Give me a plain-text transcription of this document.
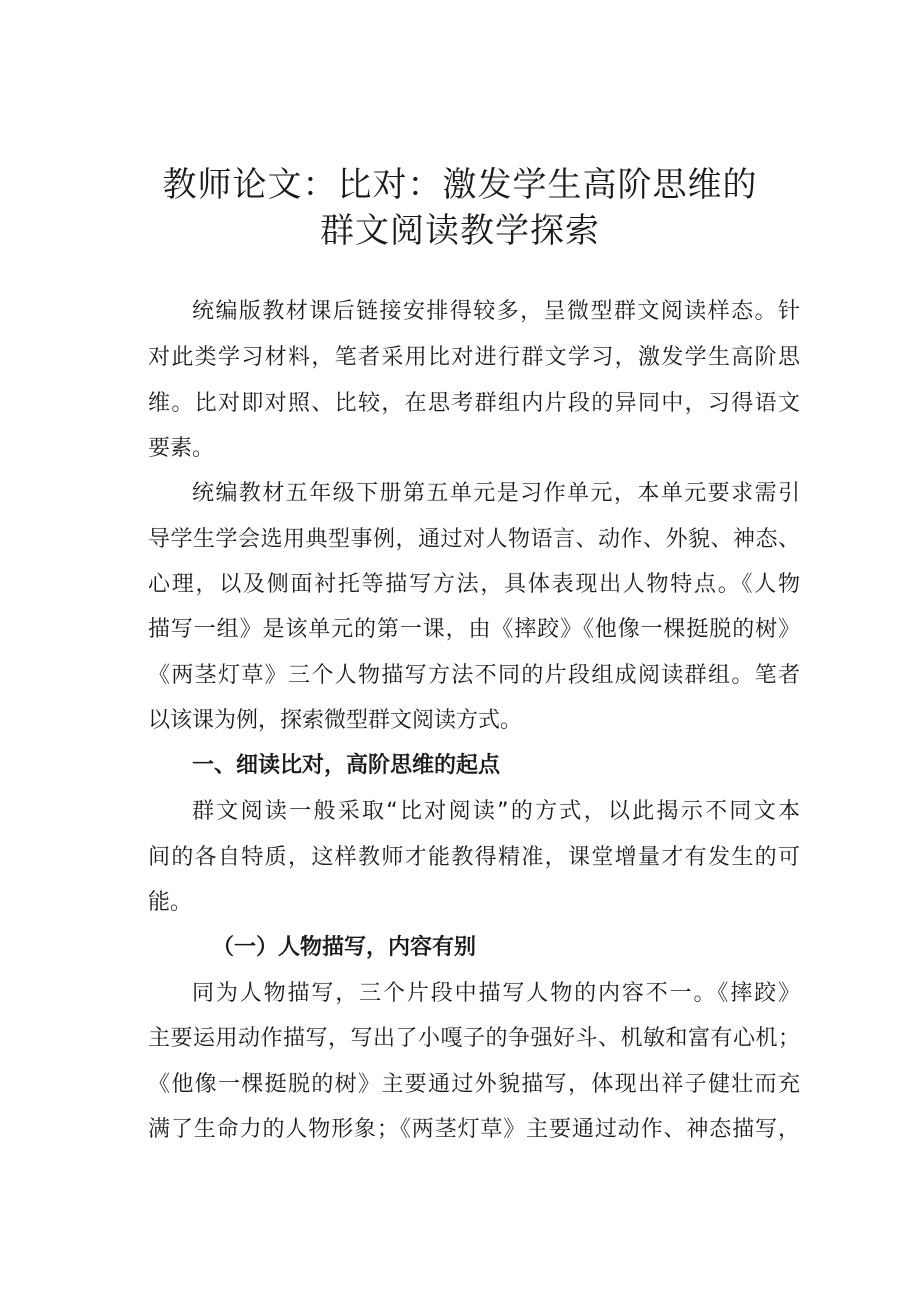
教师论文：比对：激发学生高阶思维的
群文阅读教学探索

统编版教材课后链接安排得较多，呈微型群文阅读样态。针

对此类学习材料，笔者采用比对进行群文学习，激发学生高阶思

维。比对即对照、比较，在思考群组内片段的异同中，习得语文

要素。

统编教材五年级下册第五单元是习作单元，本单元要求需引

导学生学会选用典型事例，通过对人物语言、动作、外貌、神态、

心理，以及侧面衬托等描写方法，具体表现出人物特点。《人物

描写一组》是该单元的第一课，由《摔跤》《他像一棵挺脱的树》

《两茎灯草》三个人物描写方法不同的片段组成阅读群组。笔者

以该课为例，探索微型群文阅读方式。

一、细读比对，高阶思维的起点

群文阅读一般采取“比对阅读”的方式，以此揭示不同文本

间的各自特质，这样教师才能教得精准，课堂增量才有发生的可

能。

（一）人物描写，内容有别

同为人物描写，三个片段中描写人物的内容不一。《摔跤》

主要运用动作描写，写出了小嘎子的争强好斗、机敏和富有心机；

《他像一棵挺脱的树》主要通过外貌描写，体现出祥子健壮而充

满了生命力的人物形象；《两茎灯草》主要通过动作、神态描写，
